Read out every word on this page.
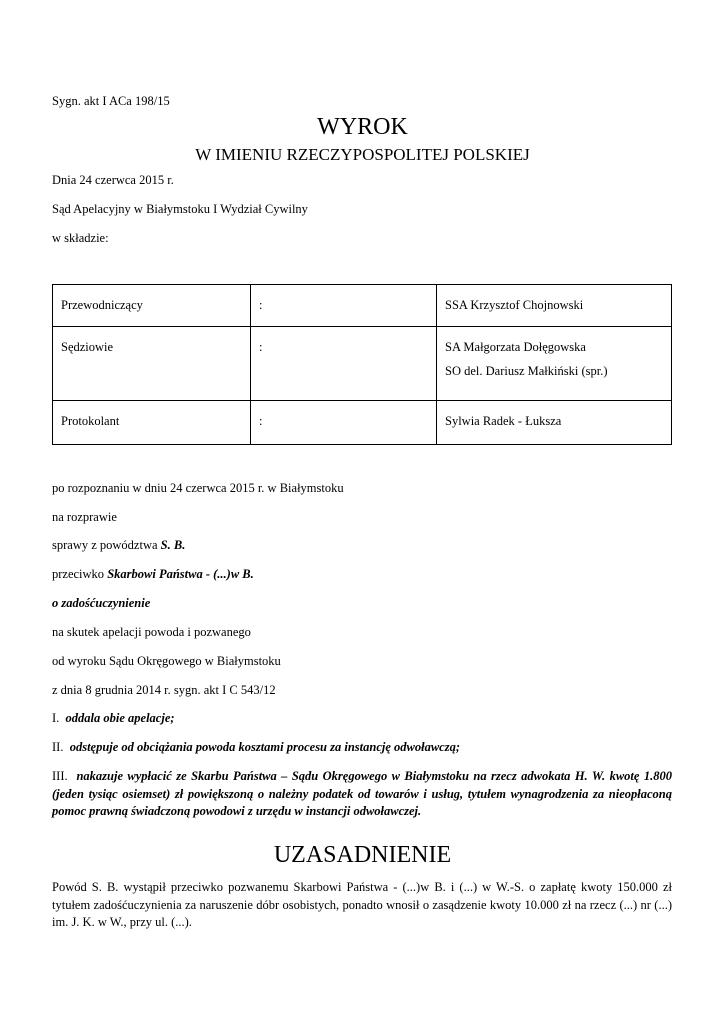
Sygn. akt I ACa 198/15
WYROK
W IMIENIU RZECZYPOSPOLITEJ POLSKIEJ
Dnia 24 czerwca 2015 r.
Sąd Apelacyjny w Białymstoku I Wydział Cywilny
w składzie:
Przewodniczący	:	SSA Krzysztof Chojnowski
Sędziowie	:	SA Małgorzata Dołęgowska
SO del. Dariusz Małkiński (spr.)

Protokolant	:	Sylwia Radek - Łuksza
po rozpoznaniu w dniu 24 czerwca 2015 r. w Białymstoku
na rozprawie
sprawy z powództwa S. B.
przeciwko Skarbowi Państwa - (...)w B.
o zadośćuczynienie
na skutek apelacji powoda i pozwanego
od wyroku Sądu Okręgowego w Białymstoku
z dnia 8 grudnia 2014 r. sygn. akt I C 543/12
I. oddala obie apelacje;
II. odstępuje od obciążania powoda kosztami procesu za instancję odwoławczą;
III. nakazuje wypłacić ze Skarbu Państwa – Sądu Okręgowego w Białymstoku na rzecz adwokata H. W. kwotę 1.800 (jeden tysiąc osiemset) zł powiększoną o należny podatek od towarów i usług, tytułem wynagrodzenia za nieopłaconą pomoc prawną świadczoną powodowi z urzędu w instancji odwoławczej.
UZASADNIENIE
Powód S. B. wystąpił przeciwko pozwanemu Skarbowi Państwa - (...)w B. i (...) w W.-S. o zapłatę kwoty 150.000 zł tytułem zadośćuczynienia za naruszenie dóbr osobistych, ponadto wnosił o zasądzenie kwoty 10.000 zł na rzecz (...) nr (...) im. J. K. w W., przy ul. (...).
